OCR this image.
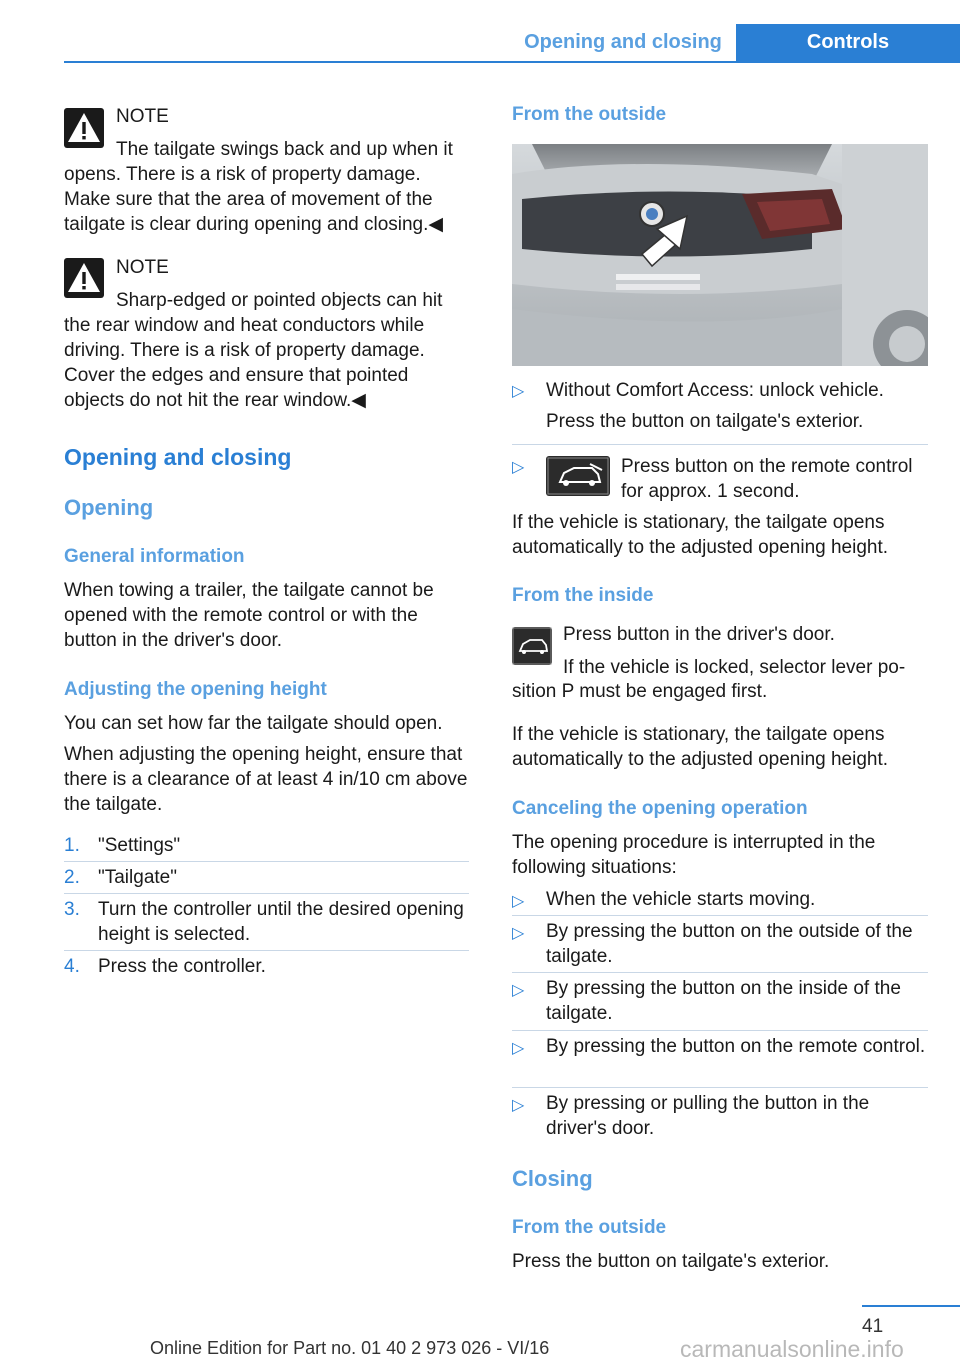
Opening and closing	Controls
NOTE
The tailgate swings back and up when it
opens. There is a risk of property damage. Make sure that the area of movement of the tailgate is clear during opening and closing.◀
NOTE
Sharp-edged or pointed objects can hit
the rear window and heat conductors while driving. There is a risk of property damage. Cover the edges and ensure that pointed objects do not hit the rear window.◀
Opening and closing
Opening
General information
When towing a trailer, the tailgate cannot be opened with the remote control or with the button in the driver's door.
Adjusting the opening height
You can set how far the tailgate should open.
When adjusting the opening height, ensure that there is a clearance of at least 4 in/10 cm above the tailgate.
1. "Settings"
2. "Tailgate"
3. Turn the controller until the desired opening height is selected.
4. Press the controller.
From the outside
▷ Without Comfort Access: unlock vehicle.
Press the button on tailgate's exterior.
▷	Press button on the remote control for approx. 1 second.
If the vehicle is stationary, the tailgate opens automatically to the adjusted opening height.
From the inside
Press button in the driver's door.
If the vehicle is locked, selector lever po-
sition P must be engaged first.
If the vehicle is stationary, the tailgate opens automatically to the adjusted opening height.
Canceling the opening operation
The opening procedure is interrupted in the following situations:
▷ When the vehicle starts moving.
▷ By pressing the button on the outside of the tailgate.
▷ By pressing the button on the inside of the tailgate.
▷ By pressing the button on the remote control.
▷ By pressing or pulling the button in the driver's door.
Closing
From the outside
Press the button on tailgate's exterior.
41
Online Edition for Part no. 01 40 2 973 026 - VI/16	carmanualsonline.info
